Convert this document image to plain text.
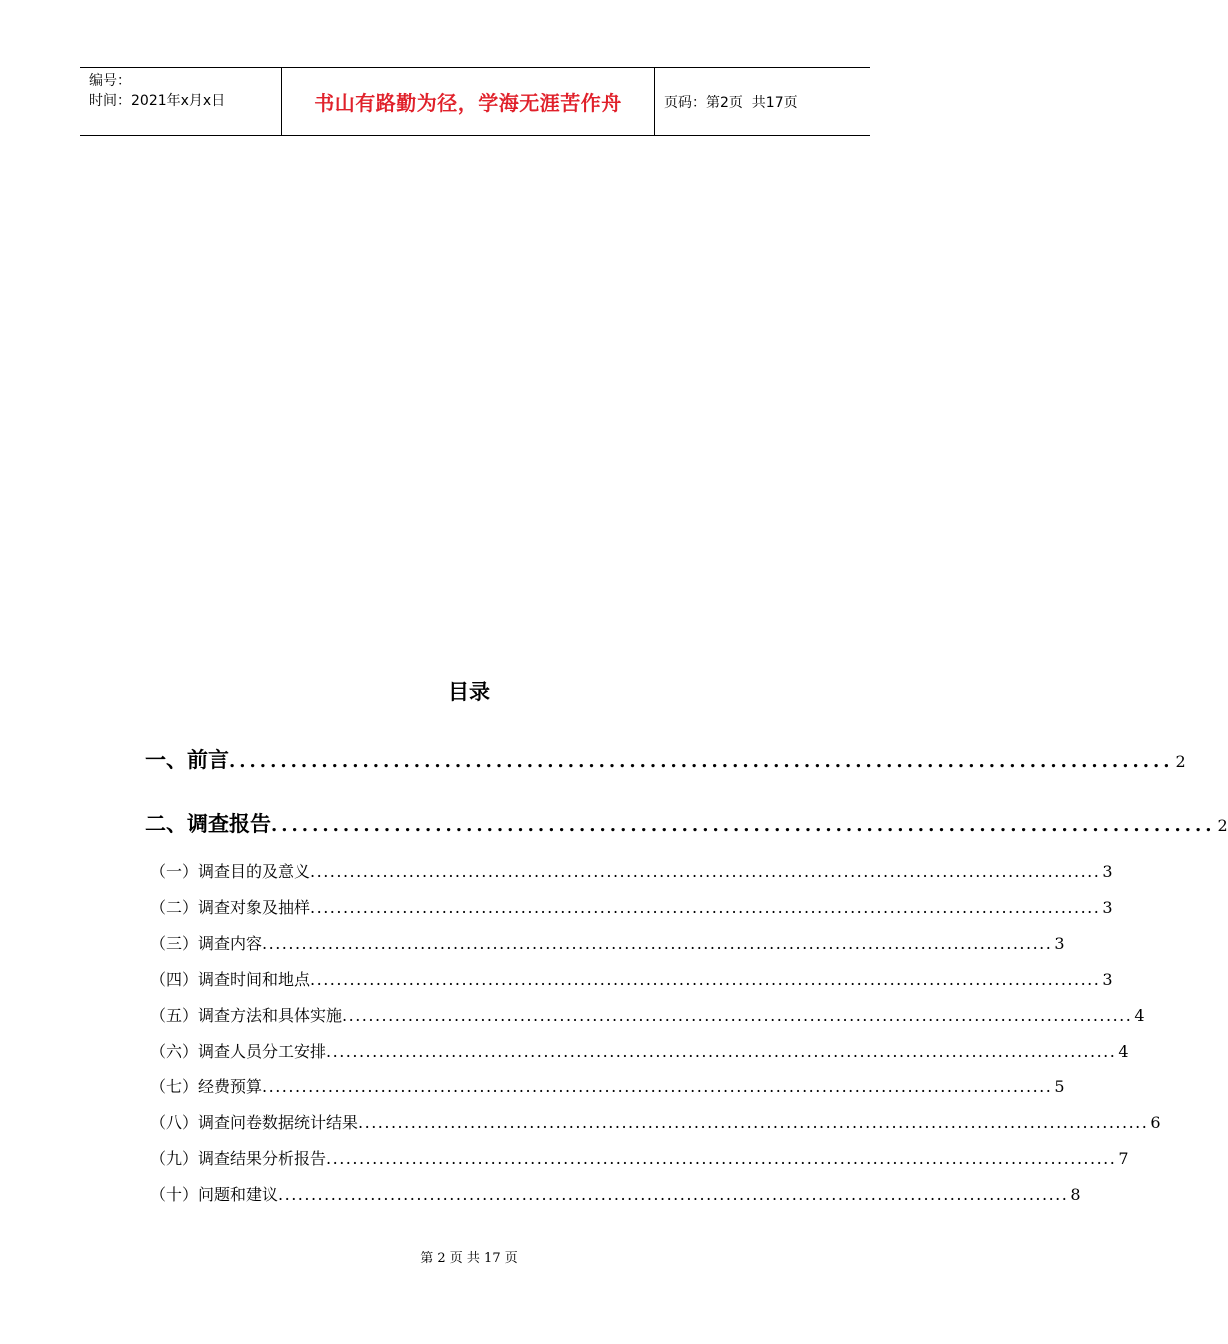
编号：
时间：2021年x月x日	书山有路勤为径，学海无涯苦作舟	页码：第2页  共17页
目录
一、前言 ............................................................................................ 2
二、调查报告 ............................................................................................ 2
（一）调查目的及意义 ........................................................................................................................ 3
（二）调查对象及抽样 ........................................................................................................................ 3
（三）调查内容 ........................................................................................................................ 3
（四）调查时间和地点 ........................................................................................................................ 3
（五）调查方法和具体实施 ........................................................................................................................ 4
（六）调查人员分工安排 ........................................................................................................................ 4
（七）经费预算 ........................................................................................................................ 5
（八）调查问卷数据统计结果 ........................................................................................................................ 6
（九）调查结果分析报告 ........................................................................................................................ 7
（十）问题和建议 ........................................................................................................................ 8
第 2 页 共 17 页
